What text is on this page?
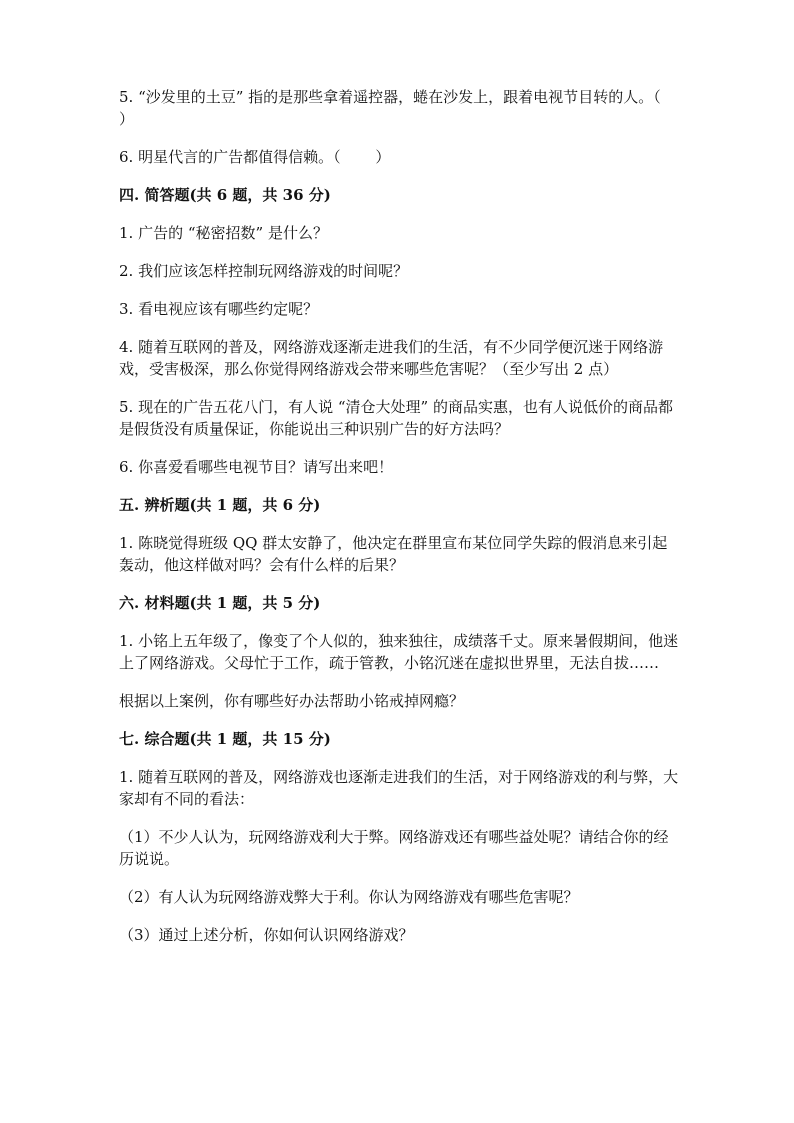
5. “沙发里的土豆” 指的是那些拿着遥控器，蜷在沙发上，跟着电视节目转的人。（ 　　）

6. 明星代言的广告都值得信赖。（ 　　）

四. 简答题(共 6 题，共 36 分)

1. 广告的 “秘密招数” 是什么？

2. 我们应该怎样控制玩网络游戏的时间呢？

3. 看电视应该有哪些约定呢？

4. 随着互联网的普及，网络游戏逐渐走进我们的生活，有不少同学便沉迷于网络游戏，受害极深，那么你觉得网络游戏会带来哪些危害呢？（至少写出 2 点）

5. 现在的广告五花八门，有人说 “清仓大处理” 的商品实惠，也有人说低价的商品都是假货没有质量保证，你能说出三种识别广告的好方法吗？

6. 你喜爱看哪些电视节目？请写出来吧！

五. 辨析题(共 1 题，共 6 分)

1. 陈晓觉得班级 QQ 群太安静了，他决定在群里宣布某位同学失踪的假消息来引起轰动，他这样做对吗？会有什么样的后果？

六. 材料题(共 1 题，共 5 分)

1. 小铭上五年级了，像变了个人似的，独来独往，成绩落千丈。原来暑假期间，他迷上了网络游戏。父母忙于工作，疏于管教，小铭沉迷在虚拟世界里，无法自拔……

根据以上案例，你有哪些好办法帮助小铭戒掉网瘾？

七. 综合题(共 1 题，共 15 分)

1. 随着互联网的普及，网络游戏也逐渐走进我们的生活，对于网络游戏的利与弊，大家却有不同的看法：

（1）不少人认为，玩网络游戏利大于弊。网络游戏还有哪些益处呢？请结合你的经历说说。

（2）有人认为玩网络游戏弊大于利。你认为网络游戏有哪些危害呢？

（3）通过上述分析，你如何认识网络游戏？
